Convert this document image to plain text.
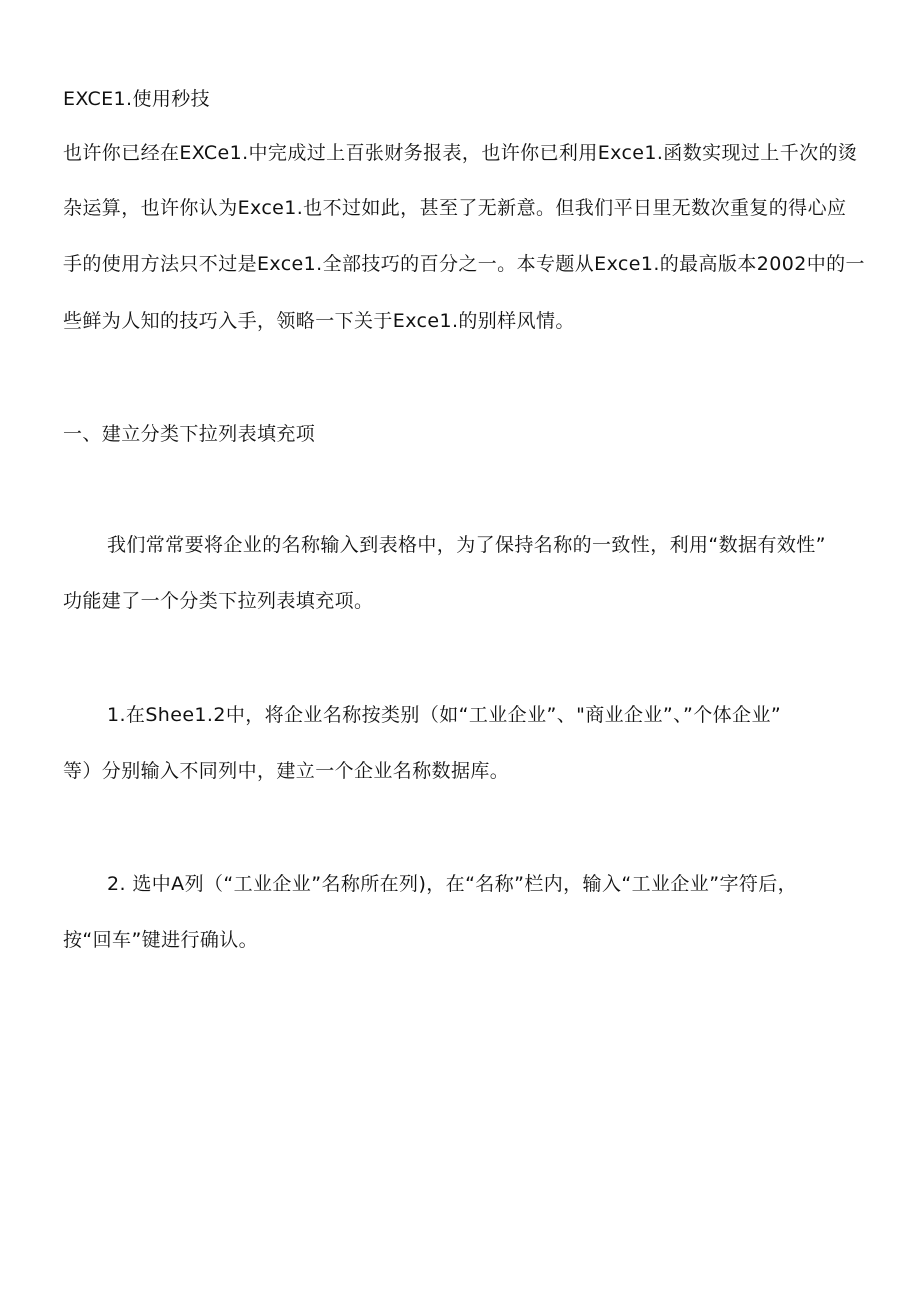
EXCE1.使用秒技
也许你已经在EXCe1.中完成过上百张财务报表，也许你已利用Exce1.函数实现过上千次的烫
杂运算，也许你认为Exce1.也不过如此，甚至了无新意。但我们平日里无数次重复的得心应
手的使用方法只不过是Exce1.全部技巧的百分之一。本专题从Exce1.的最高版本2002中的一
些鲜为人知的技巧入手，领略一下关于Exce1.的别样风情。
一、建立分类下拉列表填充项
我们常常要将企业的名称输入到表格中，为了保持名称的一致性，利用“数据有效性”
功能建了一个分类下拉列表填充项。
1.在Shee1.2中，将企业名称按类别（如“工业企业”、"商业企业”、”个体企业”
等）分别输入不同列中，建立一个企业名称数据库。
2. 选中A列（“工业企业”名称所在列)，在“名称”栏内，输入“工业企业”字符后，
按“回车”键进行确认。
